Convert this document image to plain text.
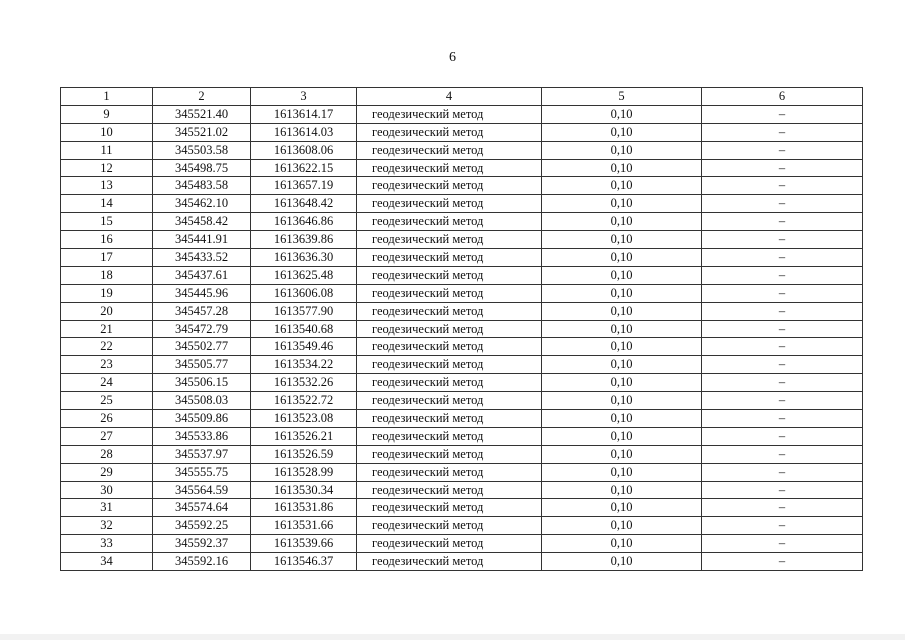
6
1	2	3	4	5	6
9	345521.40	1613614.17	геодезический метод	0,10	–
10	345521.02	1613614.03	геодезический метод	0,10	–
11	345503.58	1613608.06	геодезический метод	0,10	–
12	345498.75	1613622.15	геодезический метод	0,10	–
13	345483.58	1613657.19	геодезический метод	0,10	–
14	345462.10	1613648.42	геодезический метод	0,10	–
15	345458.42	1613646.86	геодезический метод	0,10	–
16	345441.91	1613639.86	геодезический метод	0,10	–
17	345433.52	1613636.30	геодезический метод	0,10	–
18	345437.61	1613625.48	геодезический метод	0,10	–
19	345445.96	1613606.08	геодезический метод	0,10	–
20	345457.28	1613577.90	геодезический метод	0,10	–
21	345472.79	1613540.68	геодезический метод	0,10	–
22	345502.77	1613549.46	геодезический метод	0,10	–
23	345505.77	1613534.22	геодезический метод	0,10	–
24	345506.15	1613532.26	геодезический метод	0,10	–
25	345508.03	1613522.72	геодезический метод	0,10	–
26	345509.86	1613523.08	геодезический метод	0,10	–
27	345533.86	1613526.21	геодезический метод	0,10	–
28	345537.97	1613526.59	геодезический метод	0,10	–
29	345555.75	1613528.99	геодезический метод	0,10	–
30	345564.59	1613530.34	геодезический метод	0,10	–
31	345574.64	1613531.86	геодезический метод	0,10	–
32	345592.25	1613531.66	геодезический метод	0,10	–
33	345592.37	1613539.66	геодезический метод	0,10	–
34	345592.16	1613546.37	геодезический метод	0,10	–
